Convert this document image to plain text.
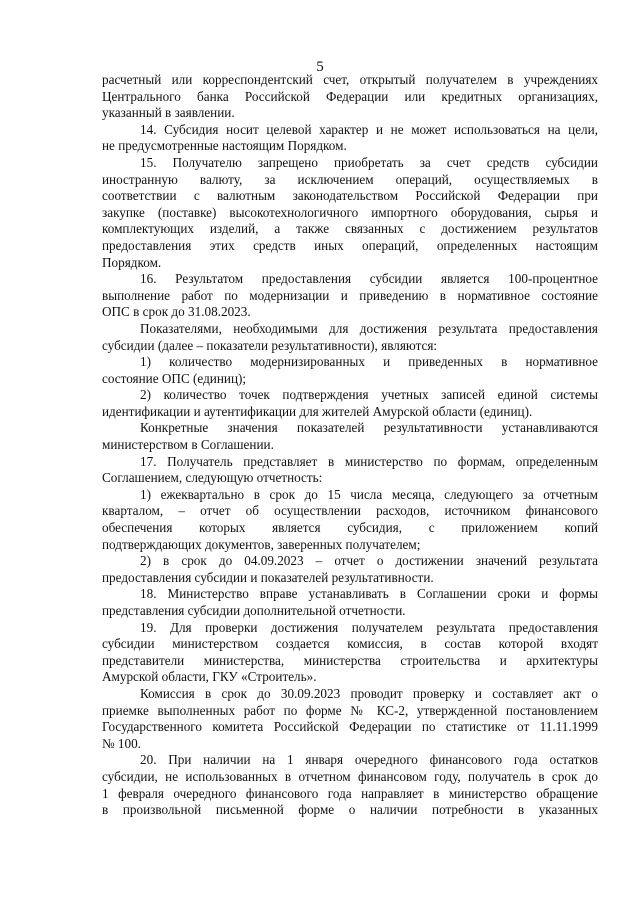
5
расчетный или корреспондентский счет, открытый получателем в учреждениях
Центрального банка Российской Федерации или кредитных организациях,
указанный в заявлении.
14. Субсидия носит целевой характер и не может использоваться на цели,
не предусмотренные настоящим Порядком.
15. Получателю запрещено приобретать за счет средств субсидии
иностранную валюту, за исключением операций, осуществляемых в
соответствии с валютным законодательством Российской Федерации при
закупке (поставке) высокотехнологичного импортного оборудования, сырья и
комплектующих изделий, а также связанных с достижением результатов
предоставления этих средств иных операций, определенных настоящим
Порядком.
16. Результатом предоставления субсидии является 100-процентное
выполнение работ по модернизации и приведению в нормативное состояние
ОПС в срок до 31.08.2023.
Показателями, необходимыми для достижения результата предоставления
субсидии (далее – показатели результативности), являются:
1) количество модернизированных и приведенных в нормативное
состояние ОПС (единиц);
2) количество точек подтверждения учетных записей единой системы
идентификации и аутентификации для жителей Амурской области (единиц).
Конкретные значения показателей результативности устанавливаются
министерством в Соглашении.
17. Получатель представляет в министерство по формам, определенным
Соглашением, следующую отчетность:
1) ежеквартально в срок до 15 числа месяца, следующего за отчетным
кварталом, – отчет об осуществлении расходов, источником финансового
обеспечения которых является субсидия, с приложением копий
подтверждающих документов, заверенных получателем;
2) в срок до 04.09.2023 – отчет о достижении значений результата
предоставления субсидии и показателей результативности.
18. Министерство вправе устанавливать в Соглашении сроки и формы
представления субсидии дополнительной отчетности.
19. Для проверки достижения получателем результата предоставления
субсидии министерством создается комиссия, в состав которой входят
представители министерства, министерства строительства и архитектуры
Амурской области, ГКУ «Строитель».
Комиссия в срок до 30.09.2023 проводит проверку и составляет акт о
приемке выполненных работ по форме № КС-2, утвержденной постановлением
Государственного комитета Российской Федерации по статистике от 11.11.1999
№ 100.
20. При наличии на 1 января очередного финансового года остатков
субсидии, не использованных в отчетном финансовом году, получатель в срок до
1 февраля очередного финансового года направляет в министерство обращение
в произвольной письменной форме о наличии потребности в указанных
